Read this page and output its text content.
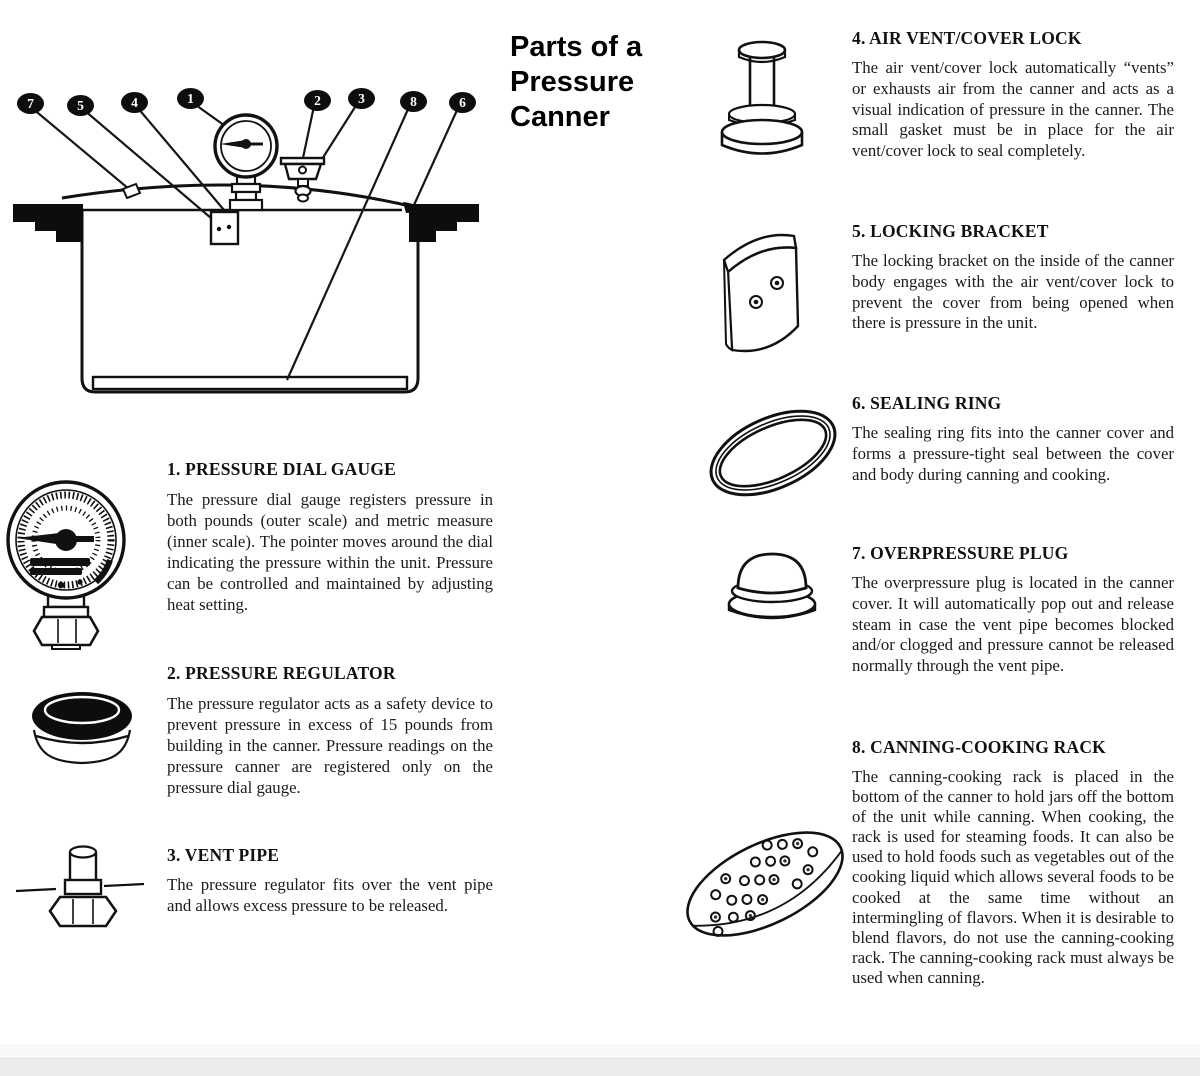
Parts of a
Pressure
Canner
7	5	4	1	2	3	8	6
1. PRESSURE DIAL GAUGE
The pressure dial gauge registers pressure in both pounds (outer scale) and metric measure (inner scale). The pointer moves around the dial indicating the pressure within the unit. Pressure can be controlled and maintained by adjusting heat setting.
2. PRESSURE REGULATOR
The pressure regulator acts as a safety device to prevent pressure in excess of 15 pounds from building in the canner. Pressure readings on the pressure canner are registered only on the pressure dial gauge.
3. VENT PIPE
The pressure regulator fits over the vent pipe and allows excess pressure to be released.
4. AIR VENT/COVER LOCK
The air vent/cover lock automatically “vents” or exhausts air from the canner and acts as a visual indication of pressure in the canner. The small gasket must be in place for the air vent/cover lock to seal completely.
5. LOCKING BRACKET
The locking bracket on the inside of the canner body engages with the air vent/cover lock to prevent the cover from being opened when there is pressure in the unit.
6. SEALING RING
The sealing ring fits into the canner cover and forms a pressure-tight seal between the cover and body during canning and cooking.
7. OVERPRESSURE PLUG
The overpressure plug is located in the canner cover. It will automatically pop out and release steam in case the vent pipe becomes blocked and/or clogged and pressure cannot be released normally through the vent pipe.
8. CANNING-COOKING RACK
The canning-cooking rack is placed in the bottom of the canner to hold jars off the bottom of the unit while canning. When cooking, the rack is used for steaming foods. It can also be used to hold foods such as vegetables out of the cooking liquid which allows several foods to be cooked at the same time without an intermingling of flavors. When it is desirable to blend flavors, do not use the canning-cooking rack. The canning-cooking rack must always be used when canning.
